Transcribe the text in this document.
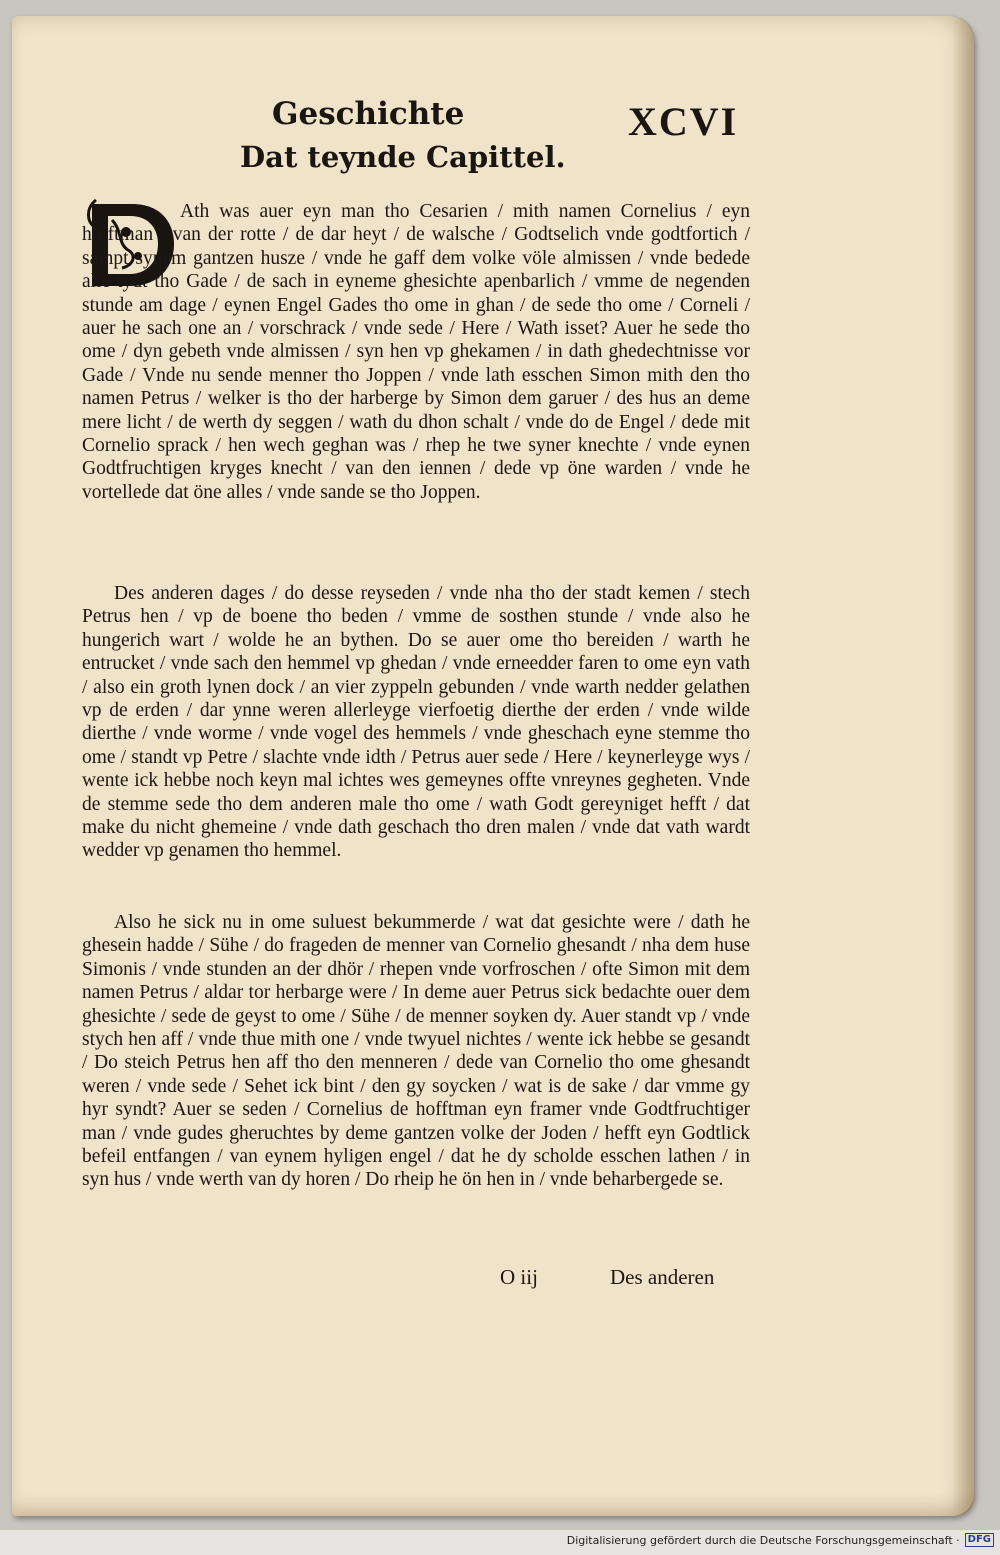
Geschichte	XCVI
Dat teynde Capittel.

Ath was auer eyn man tho Cesarien / mith namen Cornelius / eyn höfftman / van der rotte / de dar heyt / de walsche / Godtselich vnde godtfortich / sampt synem gantzen husze / vnde he gaff dem volke völe almissen / vnde bedede alle tydt tho Gade / de sach in eyneme ghesichte apenbarlich / vmme de negenden stunde am dage / eynen Engel Gades tho ome in ghan / de sede tho ome / Corneli / auer he sach one an / vorschrack / vnde sede / Here / Wath isset? Auer he sede tho ome / dyn gebeth vnde almissen / syn hen vp ghekamen / in dath ghedechtnisse vor Gade / Vnde nu sende menner tho Joppen / vnde lath esschen Simon mith den tho namen Petrus / welker is tho der harberge by Simon dem garuer / des hus an deme mere licht / de werth dy seggen / wath du dhon schalt / vnde do de Engel / dede mit Cornelio sprack / hen wech geghan was / rhep he twe syner knechte / vnde eynen Godtfruchtigen kryges knecht / van den iennen / dede vp öne warden / vnde he vortellede dat öne alles / vnde sande se tho Joppen.

Des anderen dages / do desse reyseden / vnde nha tho der stadt kemen / stech Petrus hen / vp de boene tho beden / vmme de sosthen stunde / vnde also he hungerich wart / wolde he an bythen. Do se auer ome tho bereiden / warth he entrucket / vnde sach den hemmel vp ghedan / vnde erneedder faren to ome eyn vath / also ein groth lynen dock / an vier zyppeln gebunden / vnde warth nedder gelathen vp de erden / dar ynne weren allerleyge vierfoetig dierthe der erden / vnde wilde dierthe / vnde worme / vnde vogel des hemmels / vnde gheschach eyne stemme tho ome / standt vp Petre / slachte vnde idth / Petrus auer sede / Here / keynerleyge wys / wente ick hebbe noch keyn mal ichtes wes gemeynes offte vnreynes gegheten. Vnde de stemme sede tho dem anderen male tho ome / wath Godt gereyniget hefft / dat make du nicht ghemeine / vnde dath geschach tho dren malen / vnde dat vath wardt wedder vp genamen tho hemmel.

Also he sick nu in ome suluest bekummerde / wat dat gesichte were / dath he ghesein hadde / Sühe / do frageden de menner van Cornelio ghesandt / nha dem huse Simonis / vnde stunden an der dhör / rhepen vnde vorfroschen / ofte Simon mit dem namen Petrus / aldar tor herbarge were / In deme auer Petrus sick bedachte ouer dem ghesichte / sede de geyst to ome / Sühe / de menner soyken dy. Auer standt vp / vnde stych hen aff / vnde thue mith one / vnde twyuel nichtes / wente ick hebbe se gesandt / Do steich Petrus hen aff tho den menneren / dede van Cornelio tho ome ghesandt weren / vnde sede / Sehet ick bint / den gy soycken / wat is de sake / dar vmme gy hyr syndt? Auer se seden / Cornelius de hofftman eyn framer vnde Godtfruchtiger man / vnde gudes gheruchtes by deme gantzen volke der Joden / hefft eyn Godtlick befeil entfangen / van eynem hyligen engel / dat he dy scholde esschen lathen / in syn hus / vnde werth van dy horen / Do rheip he ön hen in / vnde beharbergede se.

O iij	Des anderen
Digitalisierung gefördert durch die Deutsche Forschungsgemeinschaft · DFG
